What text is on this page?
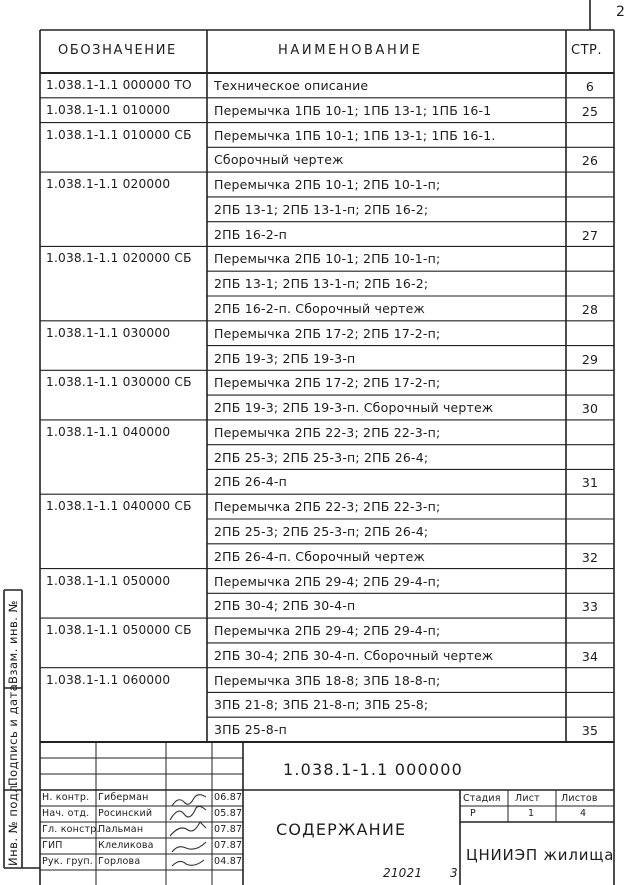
2
ОБОЗНАЧЕНИЕ	НАИМЕНОВАНИЕ	СТР.
1.038.1-1.1 000000 ТО Техническое описание	6
1.038.1-1.1 010000	Перемычка 1ПБ 10-1; 1ПБ 13-1; 1ПБ 16-1	25
1.038.1-1.1 010000 СБ Перемычка 1ПБ 10-1; 1ПБ 13-1; 1ПБ 16-1.
Сборочный чертеж	26
1.038.1-1.1 020000	Перемычка 2ПБ 10-1; 2ПБ 10-1-п;
2ПБ 13-1; 2ПБ 13-1-п; 2ПБ 16-2;
2ПБ 16-2-п	27
1.038.1-1.1 020000 СБ Перемычка 2ПБ 10-1; 2ПБ 10-1-п;
2ПБ 13-1; 2ПБ 13-1-п; 2ПБ 16-2;
2ПБ 16-2-п. Сборочный чертеж	28
1.038.1-1.1 030000	Перемычка 2ПБ 17-2; 2ПБ 17-2-п;
2ПБ 19-3; 2ПБ 19-3-п	29
1.038.1-1.1 030000 СБ Перемычка 2ПБ 17-2; 2ПБ 17-2-п;
2ПБ 19-3; 2ПБ 19-3-п. Сборочный чертеж	30
1.038.1-1.1 040000	Перемычка 2ПБ 22-3; 2ПБ 22-3-п;
2ПБ 25-3; 2ПБ 25-3-п; 2ПБ 26-4;
2ПБ 26-4-п	31
1.038.1-1.1 040000 СБ Перемычка 2ПБ 22-3; 2ПБ 22-3-п;
2ПБ 25-3; 2ПБ 25-3-п; 2ПБ 26-4;
2ПБ 26-4-п. Сборочный чертеж	32
1.038.1-1.1 050000	Перемычка 2ПБ 29-4; 2ПБ 29-4-п;
2ПБ 30-4; 2ПБ 30-4-п	33
1.038.1-1.1 050000 СБ Перемычка 2ПБ 29-4; 2ПБ 29-4-п;
2ПБ 30-4; 2ПБ 30-4-п. Сборочный чертеж	34
1.038.1-1.1 060000	Перемычка 3ПБ 18-8; 3ПБ 18-8-п;
3ПБ 21-8; 3ПБ 21-8-п; 3ПБ 25-8;
3ПБ 25-8-п	35
Инв. № подл.
Подпись и дата
Взам. инв. №
1.038.1-1.1 000000
СОДЕРЖАНИЕ
Стадия Лист Листов
Р	1	4
ЦНИИЭП жилища
Н. контр. Гиберман	06.87
Нач. отд. Росинский	05.87
Гл. констр.
Пальман	07.87
ГИП	Клеликова	07.87
Рук. груп. Горлова	04.87
21021 3
